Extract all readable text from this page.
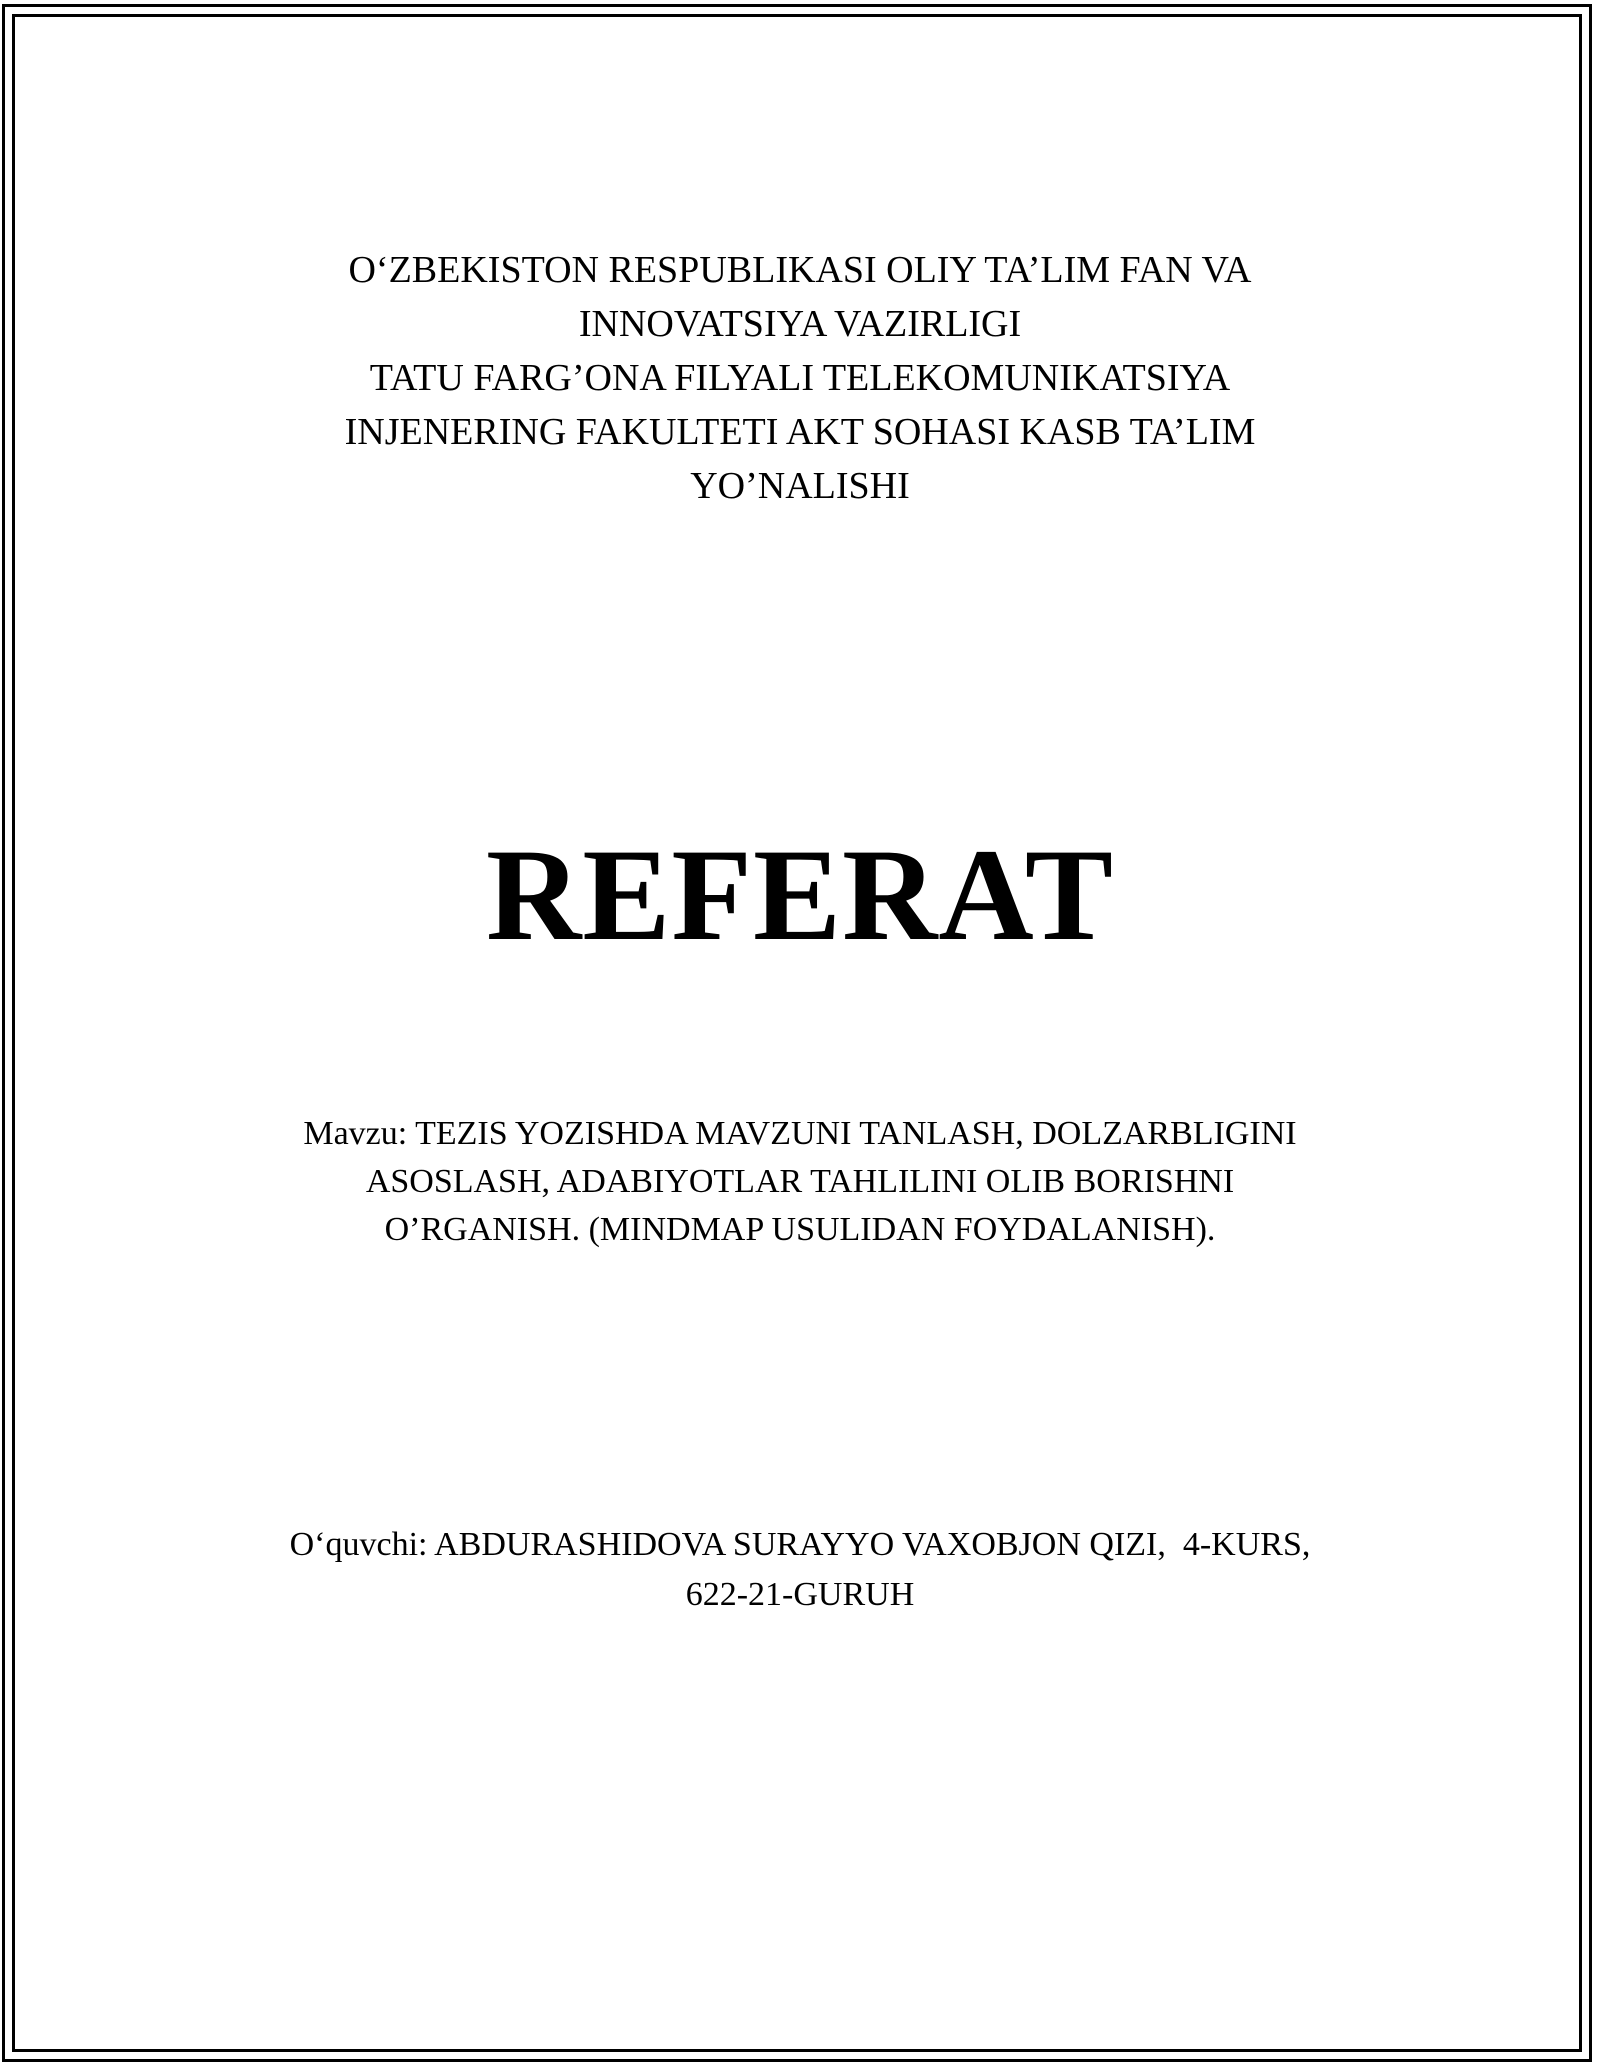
O‘ZBEKISTON RESPUBLIKASI OLIY TA’LIM FAN VA
INNOVATSIYA VAZIRLIGI
TATU FARG’ONA FILYALI TELEKOMUNIKATSIYA
INJENERING FAKULTETI AKT SOHASI KASB TA’LIM
YO’NALISHI
REFERAT
Mavzu: TEZIS YOZISHDA MAVZUNI TANLASH, DOLZARBLIGINI
ASOSLASH, ADABIYOTLAR TAHLILINI OLIB BORISHNI
O’RGANISH. (MINDMAP USULIDAN FOYDALANISH).
O‘quvchi: ABDURASHIDOVA SURAYYO VAXOBJON QIZI,  4-KURS,
622-21-GURUH
